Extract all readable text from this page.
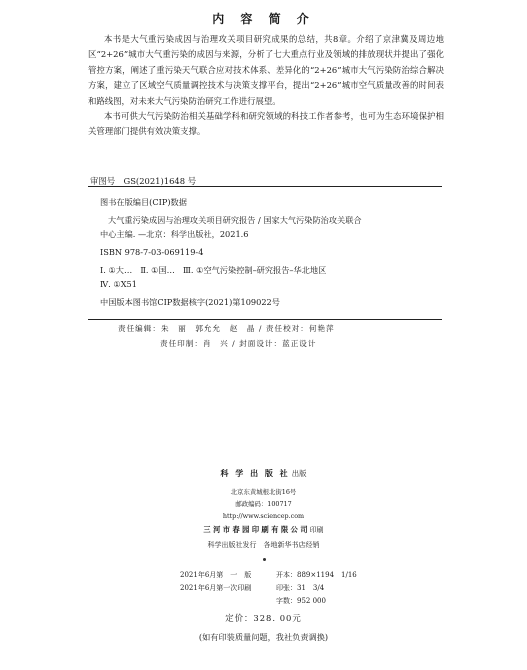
内 容 简 介

本书是大气重污染成因与治理攻关项目研究成果的总结，共8章。介绍了京津冀及周边地区“2+26”城市大气重污染的成因与来源，分析了七大重点行业及领域的排放现状并提出了强化管控方案，阐述了重污染天气联合应对技术体系、差异化的“2+26”城市大气污染防治综合解决方案，建立了区域空气质量调控技术与决策支撑平台，提出“2+26”城市空气质量改善的时间表和路线图，对未来大气污染防治研究工作进行展望。

本书可供大气污染防治相关基础学科和研究领域的科技工作者参考，也可为生态环境保护相关管理部门提供有效决策支撑。

审图号　GS(2021)1648 号
图书在版编目(CIP)数据
大气重污染成因与治理攻关项目研究报告 / 国家大气污染防治攻关联合
中心主编. —北京：科学出版社，2021.6
ISBN 978-7-03-069119-4
Ⅰ. ①大…　Ⅱ. ①国…　Ⅲ. ①空气污染控制–研究报告–华北地区
Ⅳ. ①X51
中国版本图书馆CIP数据核字(2021)第109022号
责任编辑：朱　丽　郭允允　赵　晶 / 责任校对：何艳萍
责任印制：肖　兴 / 封面设计：蓝正设计
科 学 出 版 社 出版
北京东黄城根北街16号
邮政编码：100717
http://www.sciencep.com
三 河 市 春 园 印 刷 有 限 公 司 印刷
科学出版社发行　各地新华书店经销
2021年6月第　一　版	开本：889×1194　1/16
2021年6月第一次印刷	印张：31　3/4
字数：952 000
定价：328. 00元
(如有印装质量问题，我社负责调换)
